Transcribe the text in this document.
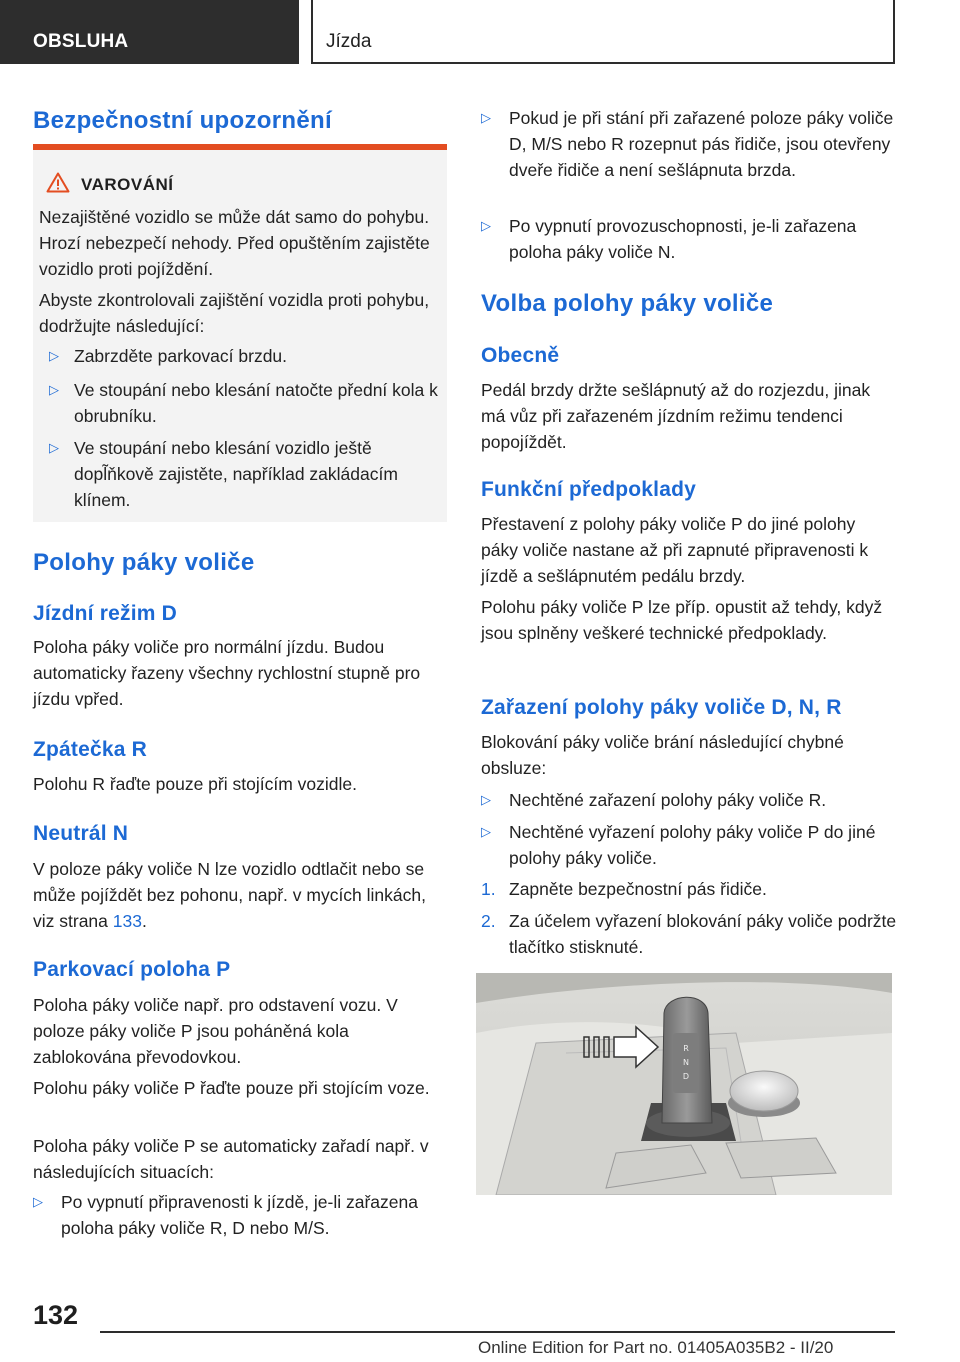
OBSLUHA	Jízda
Bezpečnostní upozornění
VAROVÁNÍ
Nezajištěné vozidlo se může dát samo do pohybu. Hrozí nebezpečí nehody. Před opuštěním zajistěte vozidlo proti pojíždění.
Abyste zkontrolovali zajištění vozidla proti pohybu, dodržujte následující:
▷ Zabrzděte parkovací brzdu.
▷ Ve stoupání nebo klesání natočte přední kola k obrubníku.
▷ Ve stoupání nebo klesání vozidlo ještě dopl̃ňkově zajistěte, například zakládacím klínem.
Polohy páky voliče
Jízdní režim D
Poloha páky voliče pro normální jízdu. Budou automaticky řazeny všechny rychlostní stupně pro jízdu vpřed.
Zpátečka R
Polohu R řaďte pouze při stojícím vozidle.
Neutrál N
V poloze páky voliče N lze vozidlo odtlačit nebo se může pojíždět bez pohonu, např. v mycích linkách, viz strana 133.
Parkovací poloha P
Poloha páky voliče např. pro odstavení vozu. V poloze páky voliče P jsou poháněná kola zablokována převodovkou.
Polohu páky voliče P řaďte pouze při stojícím voze.
Poloha páky voliče P se automaticky zařadí např. v následujících situacích:
▷	Po vypnutí připravenosti k jízdě, je-li zařazena poloha páky voliče R, D nebo M/S.
▷	Pokud je při stání při zařazené poloze páky voliče D, M/S nebo R rozepnut pás řidiče, jsou otevřeny dveře řidiče a není sešlápnuta brzda.
▷	Po vypnutí provozuschopnosti, je-li zařazena poloha páky voliče N.
Volba polohy páky voliče
Obecně
Pedál brzdy držte sešlápnutý až do rozjezdu, jinak má vůz při zařazeném jízdním režimu tendenci popojíždět.
Funkční předpoklady
Přestavení z polohy páky voliče P do jiné polohy páky voliče nastane až při zapnuté připravenosti k jízdě a sešlápnutém pedálu brzdy.
Polohu páky voliče P lze příp. opustit až tehdy, když jsou splněny veškeré technické předpoklady.
Zařazení polohy páky voliče D, N, R
Blokování páky voliče brání následující chybné obsluze:
▷	Nechtěné zařazení polohy páky voliče R.
▷	Nechtěné vyřazení polohy páky voliče P do jiné polohy páky voliče.
1. Zapněte bezpečnostní pás řidiče.
2. Za účelem vyřazení blokování páky voliče podržte tlačítko stisknuté.
R
N
D
132
Online Edition for Part no. 01405A035B2 - II/20
